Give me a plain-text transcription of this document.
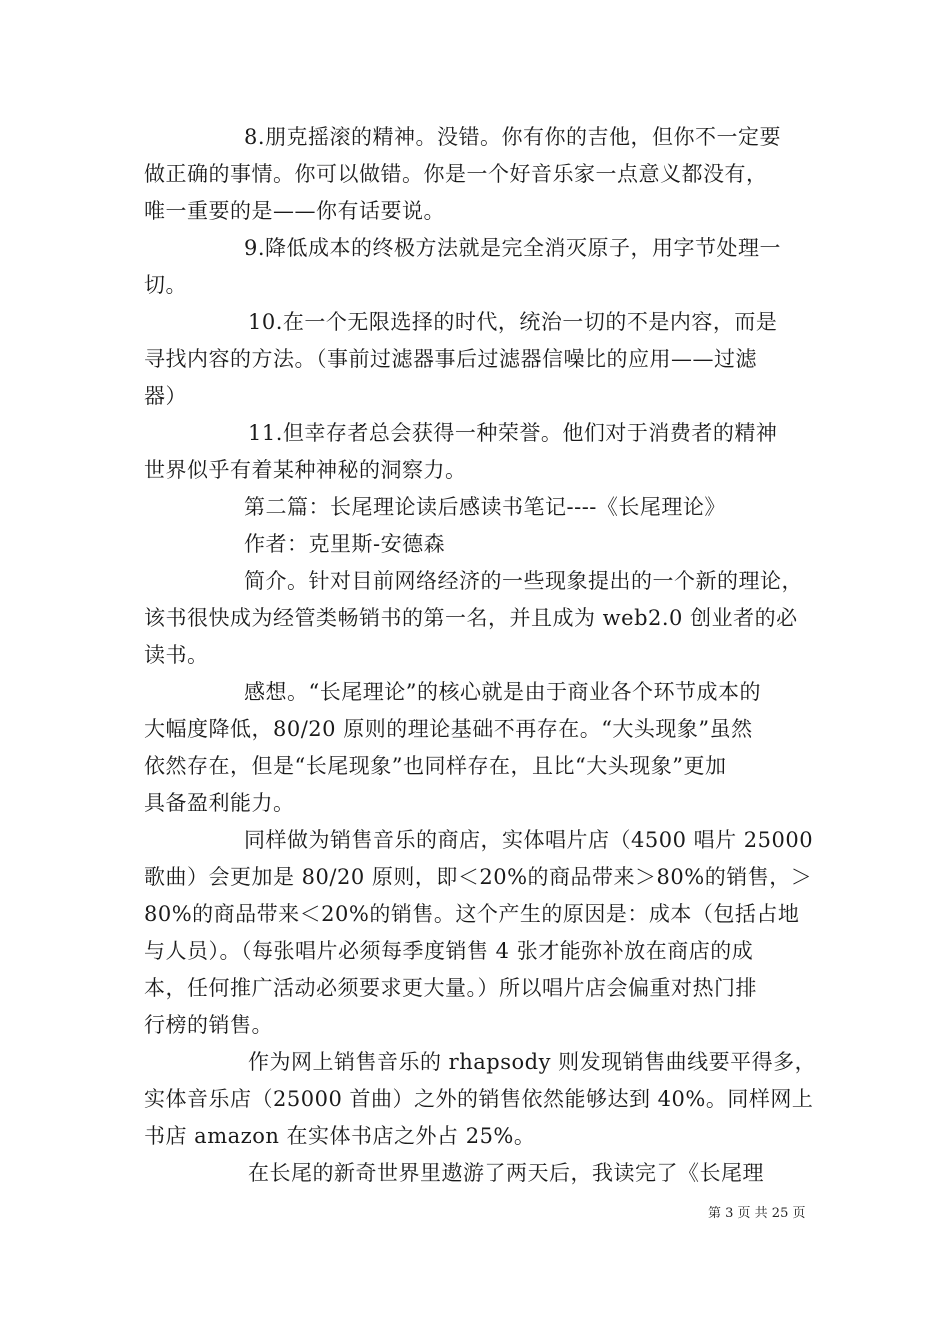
8.朋克摇滚的精神。没错。你有你的吉他，但你不一定要
做正确的事情。你可以做错。你是一个好音乐家一点意义都没有，
唯一重要的是——你有话要说。
9.降低成本的终极方法就是完全消灭原子，用字节处理一
切。
10.在一个无限选择的时代，统治一切的不是内容，而是
寻找内容的方法。（事前过滤器事后过滤器信噪比的应用——过滤
器）
11.但幸存者总会获得一种荣誉。他们对于消费者的精神
世界似乎有着某种神秘的洞察力。
第二篇：长尾理论读后感读书笔记----《长尾理论》
作者：克里斯-安德森
简介。针对目前网络经济的一些现象提出的一个新的理论，
该书很快成为经管类畅销书的第一名，并且成为 web2.0 创业者的必
读书。
感想。“长尾理论”的核心就是由于商业各个环节成本的
大幅度降低，80/20 原则的理论基础不再存在。“大头现象”虽然
依然存在，但是“长尾现象”也同样存在，且比“大头现象”更加
具备盈利能力。
同样做为销售音乐的商店，实体唱片店（4500 唱片 25000
歌曲）会更加是 80/20 原则，即＜20%的商品带来＞80%的销售，＞
80%的商品带来＜20%的销售。这个产生的原因是：成本（包括占地
与人员）。（每张唱片必须每季度销售 4 张才能弥补放在商店的成
本，任何推广活动必须要求更大量。）所以唱片店会偏重对热门排
行榜的销售。
作为网上销售音乐的 rhapsody 则发现销售曲线要平得多，
实体音乐店（25000 首曲）之外的销售依然能够达到 40%。同样网上
书店 amazon 在实体书店之外占 25%。
在长尾的新奇世界里遨游了两天后，我读完了《长尾理
第 3 页 共 25 页
